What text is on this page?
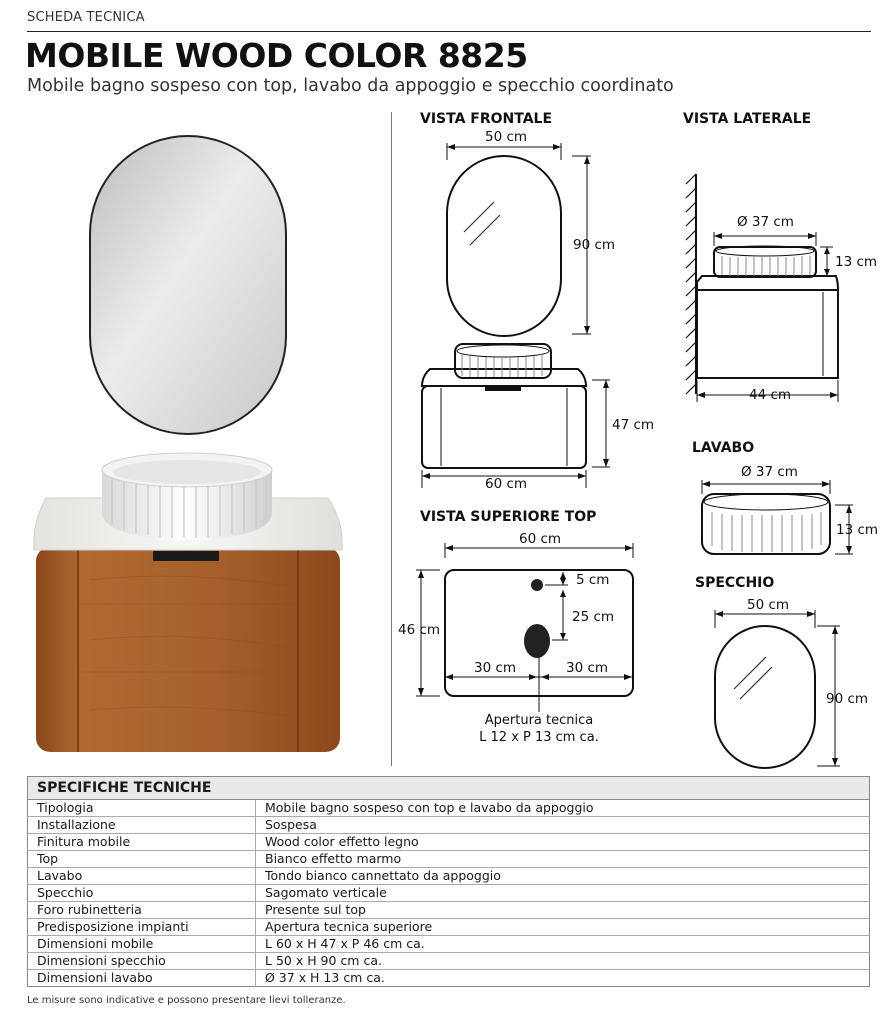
SCHEDA TECNICA
MOBILE WOOD COLOR 8825
Mobile bagno sospeso con top, lavabo da appoggio e specchio coordinato
VISTA FRONTALE	VISTA LATERALE
LAVABO
VISTA SUPERIORE TOP
SPECCHIO
50 cm
90 cm
47 cm
60 cm
Ø 37 cm
13 cm
44 cm
Ø 37 cm
13 cm
60 cm
46 cm
5 cm
25 cm
30 cm	30 cm
Apertura tecnica
L 12 x P 13 cm ca.
50 cm
90 cm
SPECIFICHE TECNICHE	
Tipologia	Mobile bagno sospeso con top e lavabo da appoggio
Installazione	Sospesa
Finitura mobile	Wood color effetto legno
Top	Bianco effetto marmo
Lavabo	Tondo bianco cannettato da appoggio
Specchio	Sagomato verticale
Foro rubinetteria	Presente sul top
Predisposizione impianti	Apertura tecnica superiore
Dimensioni mobile	L 60 x H 47 x P 46 cm ca.
Dimensioni specchio	L 50 x H 90 cm ca.
Dimensioni lavabo	Ø 37 x H 13 cm ca.
Le misure sono indicative e possono presentare lievi tolleranze.
